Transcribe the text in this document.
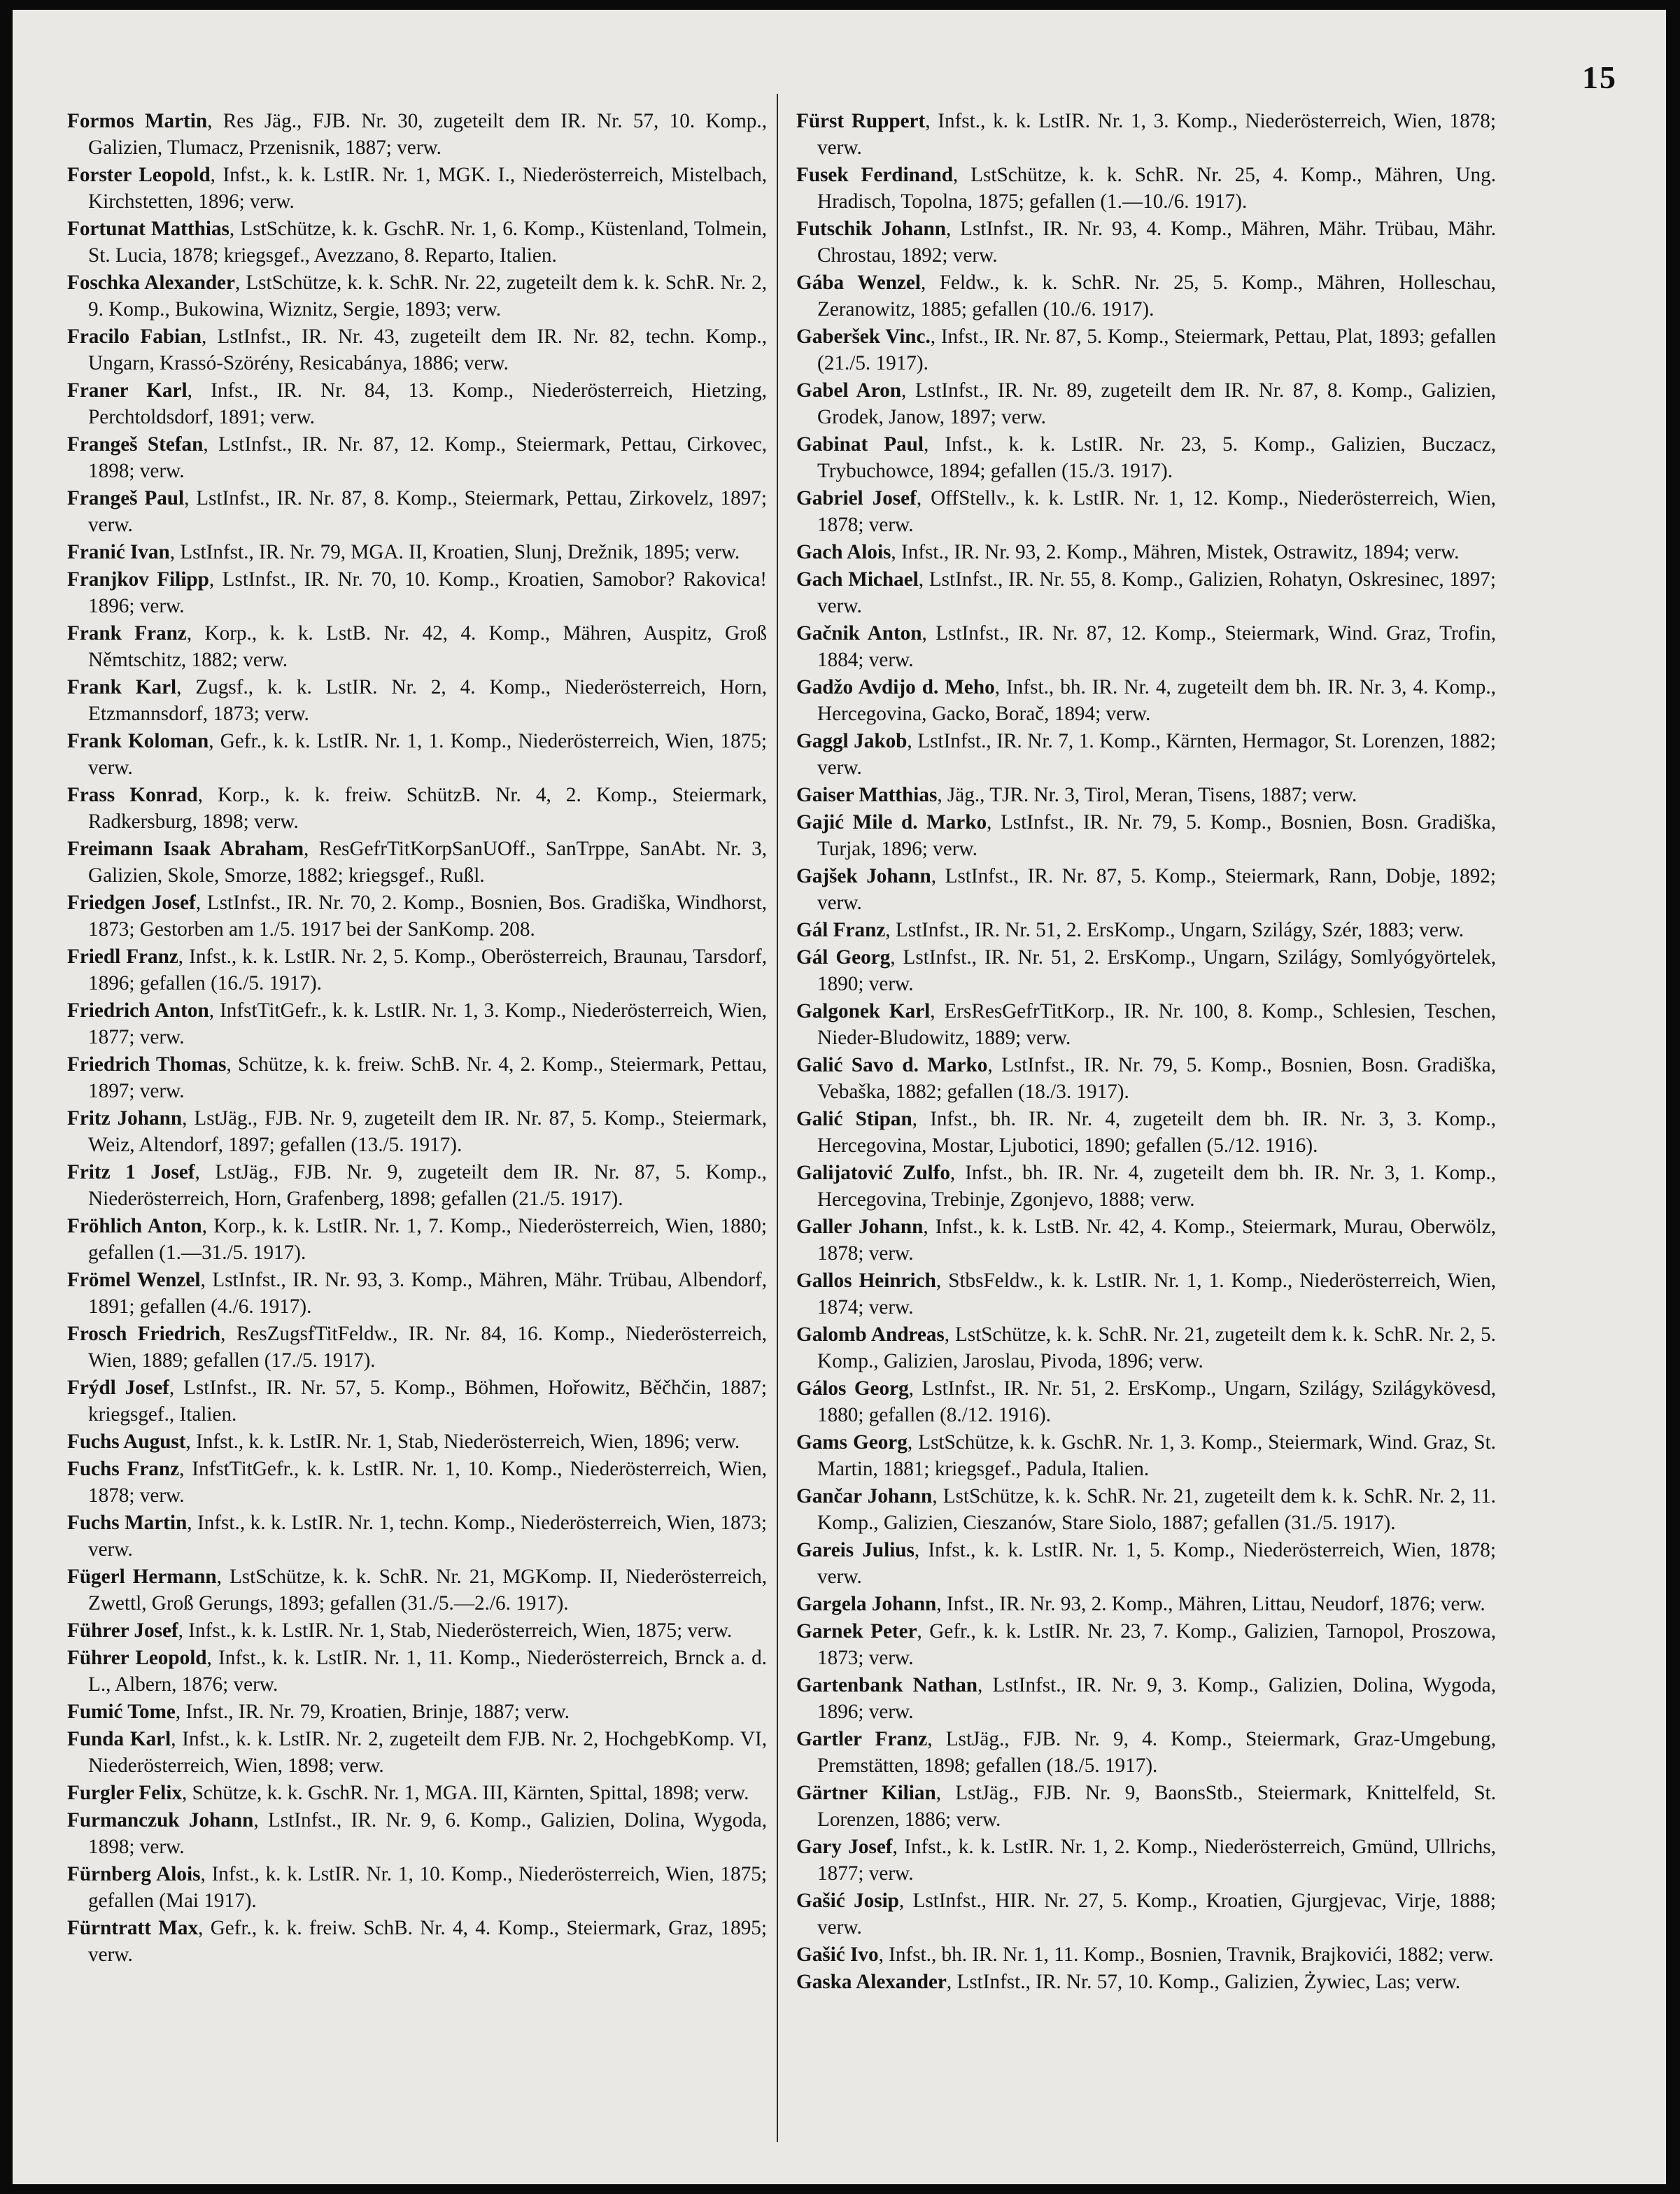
15

Formos Martin, Res Jäg., FJB. Nr. 30, zugeteilt dem IR. Nr. 57, 10. Komp., Galizien, Tlumacz, Przenisnik, 1887; verw.

Forster Leopold, Infst., k. k. LstIR. Nr. 1, MGK. I., Niederösterreich, Mistelbach, Kirchstetten, 1896; verw.

Fortunat Matthias, LstSchütze, k. k. GschR. Nr. 1, 6. Komp., Küstenland, Tolmein, St. Lucia, 1878; kriegsgef., Avezzano, 8. Reparto, Italien.

Foschka Alexander, LstSchütze, k. k. SchR. Nr. 22, zugeteilt dem k. k. SchR. Nr. 2, 9. Komp., Bukowina, Wiznitz, Sergie, 1893; verw.

Fracilo Fabian, LstInfst., IR. Nr. 43, zugeteilt dem IR. Nr. 82, techn. Komp., Ungarn, Krassó-Szörény, Resicabánya, 1886; verw.

Franer Karl, Infst., IR. Nr. 84, 13. Komp., Niederösterreich, Hietzing, Perchtoldsdorf, 1891; verw.

Frangeš Stefan, LstInfst., IR. Nr. 87, 12. Komp., Steiermark, Pettau, Cirkovec, 1898; verw.

Frangeš Paul, LstInfst., IR. Nr. 87, 8. Komp., Steiermark, Pettau, Zirkovelz, 1897; verw.

Franić Ivan, LstInfst., IR. Nr. 79, MGA. II, Kroatien, Slunj, Drežnik, 1895; verw.

Franjkov Filipp, LstInfst., IR. Nr. 70, 10. Komp., Kroatien, Samobor? Rakovica! 1896; verw.

Frank Franz, Korp., k. k. LstB. Nr. 42, 4. Komp., Mähren, Auspitz, Groß Němtschitz, 1882; verw.

Frank Karl, Zugsf., k. k. LstIR. Nr. 2, 4. Komp., Niederösterreich, Horn, Etzmannsdorf, 1873; verw.

Frank Koloman, Gefr., k. k. LstIR. Nr. 1, 1. Komp., Niederösterreich, Wien, 1875; verw.

Frass Konrad, Korp., k. k. freiw. SchützB. Nr. 4, 2. Komp., Steiermark, Radkersburg, 1898; verw.

Freimann Isaak Abraham, ResGefrTitKorpSanUOff., SanTrppe, SanAbt. Nr. 3, Galizien, Skole, Smorze, 1882; kriegsgef., Rußl.

Friedgen Josef, LstInfst., IR. Nr. 70, 2. Komp., Bosnien, Bos. Gradiška, Windhorst, 1873; Gestorben am 1./5. 1917 bei der SanKomp. 208.

Friedl Franz, Infst., k. k. LstIR. Nr. 2, 5. Komp., Oberösterreich, Braunau, Tarsdorf, 1896; gefallen (16./5. 1917).

Friedrich Anton, InfstTitGefr., k. k. LstIR. Nr. 1, 3. Komp., Niederösterreich, Wien, 1877; verw.

Friedrich Thomas, Schütze, k. k. freiw. SchB. Nr. 4, 2. Komp., Steiermark, Pettau, 1897; verw.

Fritz Johann, LstJäg., FJB. Nr. 9, zugeteilt dem IR. Nr. 87, 5. Komp., Steiermark, Weiz, Altendorf, 1897; gefallen (13./5. 1917).

Fritz 1 Josef, LstJäg., FJB. Nr. 9, zugeteilt dem IR. Nr. 87, 5. Komp., Niederösterreich, Horn, Grafenberg, 1898; gefallen (21./5. 1917).

Fröhlich Anton, Korp., k. k. LstIR. Nr. 1, 7. Komp., Niederösterreich, Wien, 1880; gefallen (1.—31./5. 1917).

Frömel Wenzel, LstInfst., IR. Nr. 93, 3. Komp., Mähren, Mähr. Trübau, Albendorf, 1891; gefallen (4./6. 1917).

Frosch Friedrich, ResZugsfTitFeldw., IR. Nr. 84, 16. Komp., Niederösterreich, Wien, 1889; gefallen (17./5. 1917).

Frýdl Josef, LstInfst., IR. Nr. 57, 5. Komp., Böhmen, Hořowitz, Běčhčin, 1887; kriegsgef., Italien.

Fuchs August, Infst., k. k. LstIR. Nr. 1, Stab, Niederösterreich, Wien, 1896; verw.

Fuchs Franz, InfstTitGefr., k. k. LstIR. Nr. 1, 10. Komp., Niederösterreich, Wien, 1878; verw.

Fuchs Martin, Infst., k. k. LstIR. Nr. 1, techn. Komp., Niederösterreich, Wien, 1873; verw.

Fügerl Hermann, LstSchütze, k. k. SchR. Nr. 21, MGKomp. II, Niederösterreich, Zwettl, Groß Gerungs, 1893; gefallen (31./5.—2./6. 1917).

Führer Josef, Infst., k. k. LstIR. Nr. 1, Stab, Niederösterreich, Wien, 1875; verw.

Führer Leopold, Infst., k. k. LstIR. Nr. 1, 11. Komp., Niederösterreich, Brnck a. d. L., Albern, 1876; verw.

Fumić Tome, Infst., IR. Nr. 79, Kroatien, Brinje, 1887; verw.

Funda Karl, Infst., k. k. LstIR. Nr. 2, zugeteilt dem FJB. Nr. 2, HochgebKomp. VI, Niederösterreich, Wien, 1898; verw.

Furgler Felix, Schütze, k. k. GschR. Nr. 1, MGA. III, Kärnten, Spittal, 1898; verw.

Furmanczuk Johann, LstInfst., IR. Nr. 9, 6. Komp., Galizien, Dolina, Wygoda, 1898; verw.

Fürnberg Alois, Infst., k. k. LstIR. Nr. 1, 10. Komp., Niederösterreich, Wien, 1875; gefallen (Mai 1917).

Fürntratt Max, Gefr., k. k. freiw. SchB. Nr. 4, 4. Komp., Steiermark, Graz, 1895; verw.

Fürst Ruppert, Infst., k. k. LstIR. Nr. 1, 3. Komp., Niederösterreich, Wien, 1878; verw.

Fusek Ferdinand, LstSchütze, k. k. SchR. Nr. 25, 4. Komp., Mähren, Ung. Hradisch, Topolna, 1875; gefallen (1.—10./6. 1917).

Futschik Johann, LstInfst., IR. Nr. 93, 4. Komp., Mähren, Mähr. Trübau, Mähr. Chrostau, 1892; verw.

Gába Wenzel, Feldw., k. k. SchR. Nr. 25, 5. Komp., Mähren, Holleschau, Zeranowitz, 1885; gefallen (10./6. 1917).

Gaberšek Vinc., Infst., IR. Nr. 87, 5. Komp., Steiermark, Pettau, Plat, 1893; gefallen (21./5. 1917).

Gabel Aron, LstInfst., IR. Nr. 89, zugeteilt dem IR. Nr. 87, 8. Komp., Galizien, Grodek, Janow, 1897; verw.

Gabinat Paul, Infst., k. k. LstIR. Nr. 23, 5. Komp., Galizien, Buczacz, Trybuchowce, 1894; gefallen (15./3. 1917).

Gabriel Josef, OffStellv., k. k. LstIR. Nr. 1, 12. Komp., Niederösterreich, Wien, 1878; verw.

Gach Alois, Infst., IR. Nr. 93, 2. Komp., Mähren, Mistek, Ostrawitz, 1894; verw.

Gach Michael, LstInfst., IR. Nr. 55, 8. Komp., Galizien, Rohatyn, Oskresinec, 1897; verw.

Gačnik Anton, LstInfst., IR. Nr. 87, 12. Komp., Steiermark, Wind. Graz, Trofin, 1884; verw.

Gadžo Avdijo d. Meho, Infst., bh. IR. Nr. 4, zugeteilt dem bh. IR. Nr. 3, 4. Komp., Hercegovina, Gacko, Borač, 1894; verw.

Gaggl Jakob, LstInfst., IR. Nr. 7, 1. Komp., Kärnten, Hermagor, St. Lorenzen, 1882; verw.

Gaiser Matthias, Jäg., TJR. Nr. 3, Tirol, Meran, Tisens, 1887; verw.

Gajić Mile d. Marko, LstInfst., IR. Nr. 79, 5. Komp., Bosnien, Bosn. Gradiška, Turjak, 1896; verw.

Gajšek Johann, LstInfst., IR. Nr. 87, 5. Komp., Steiermark, Rann, Dobje, 1892; verw.

Gál Franz, LstInfst., IR. Nr. 51, 2. ErsKomp., Ungarn, Szilágy, Szér, 1883; verw.

Gál Georg, LstInfst., IR. Nr. 51, 2. ErsKomp., Ungarn, Szilágy, Somlyógyörtelek, 1890; verw.

Galgonek Karl, ErsResGefrTitKorp., IR. Nr. 100, 8. Komp., Schlesien, Teschen, Nieder-Bludowitz, 1889; verw.

Galić Savo d. Marko, LstInfst., IR. Nr. 79, 5. Komp., Bosnien, Bosn. Gradiška, Vebaška, 1882; gefallen (18./3. 1917).

Galić Stipan, Infst., bh. IR. Nr. 4, zugeteilt dem bh. IR. Nr. 3, 3. Komp., Hercegovina, Mostar, Ljubotici, 1890; gefallen (5./12. 1916).

Galijatović Zulfo, Infst., bh. IR. Nr. 4, zugeteilt dem bh. IR. Nr. 3, 1. Komp., Hercegovina, Trebinje, Zgonjevo, 1888; verw.

Galler Johann, Infst., k. k. LstB. Nr. 42, 4. Komp., Steiermark, Murau, Oberwölz, 1878; verw.

Gallos Heinrich, StbsFeldw., k. k. LstIR. Nr. 1, 1. Komp., Niederösterreich, Wien, 1874; verw.

Galomb Andreas, LstSchütze, k. k. SchR. Nr. 21, zugeteilt dem k. k. SchR. Nr. 2, 5. Komp., Galizien, Jaroslau, Pivoda, 1896; verw.

Gálos Georg, LstInfst., IR. Nr. 51, 2. ErsKomp., Ungarn, Szilágy, Szilágykövesd, 1880; gefallen (8./12. 1916).

Gams Georg, LstSchütze, k. k. GschR. Nr. 1, 3. Komp., Steiermark, Wind. Graz, St. Martin, 1881; kriegsgef., Padula, Italien.

Gančar Johann, LstSchütze, k. k. SchR. Nr. 21, zugeteilt dem k. k. SchR. Nr. 2, 11. Komp., Galizien, Cieszanów, Stare Siolo, 1887; gefallen (31./5. 1917).

Gareis Julius, Infst., k. k. LstIR. Nr. 1, 5. Komp., Niederösterreich, Wien, 1878; verw.

Gargela Johann, Infst., IR. Nr. 93, 2. Komp., Mähren, Littau, Neudorf, 1876; verw.

Garnek Peter, Gefr., k. k. LstIR. Nr. 23, 7. Komp., Galizien, Tarnopol, Proszowa, 1873; verw.

Gartenbank Nathan, LstInfst., IR. Nr. 9, 3. Komp., Galizien, Dolina, Wygoda, 1896; verw.

Gartler Franz, LstJäg., FJB. Nr. 9, 4. Komp., Steiermark, Graz-Umgebung, Premstätten, 1898; gefallen (18./5. 1917).

Gärtner Kilian, LstJäg., FJB. Nr. 9, BaonsStb., Steiermark, Knittelfeld, St. Lorenzen, 1886; verw.

Gary Josef, Infst., k. k. LstIR. Nr. 1, 2. Komp., Niederösterreich, Gmünd, Ullrichs, 1877; verw.

Gašić Josip, LstInfst., HIR. Nr. 27, 5. Komp., Kroatien, Gjurgjevac, Virje, 1888; verw.

Gašić Ivo, Infst., bh. IR. Nr. 1, 11. Komp., Bosnien, Travnik, Brajkovići, 1882; verw.

Gaska Alexander, LstInfst., IR. Nr. 57, 10. Komp., Galizien, Żywiec, Las; verw.
